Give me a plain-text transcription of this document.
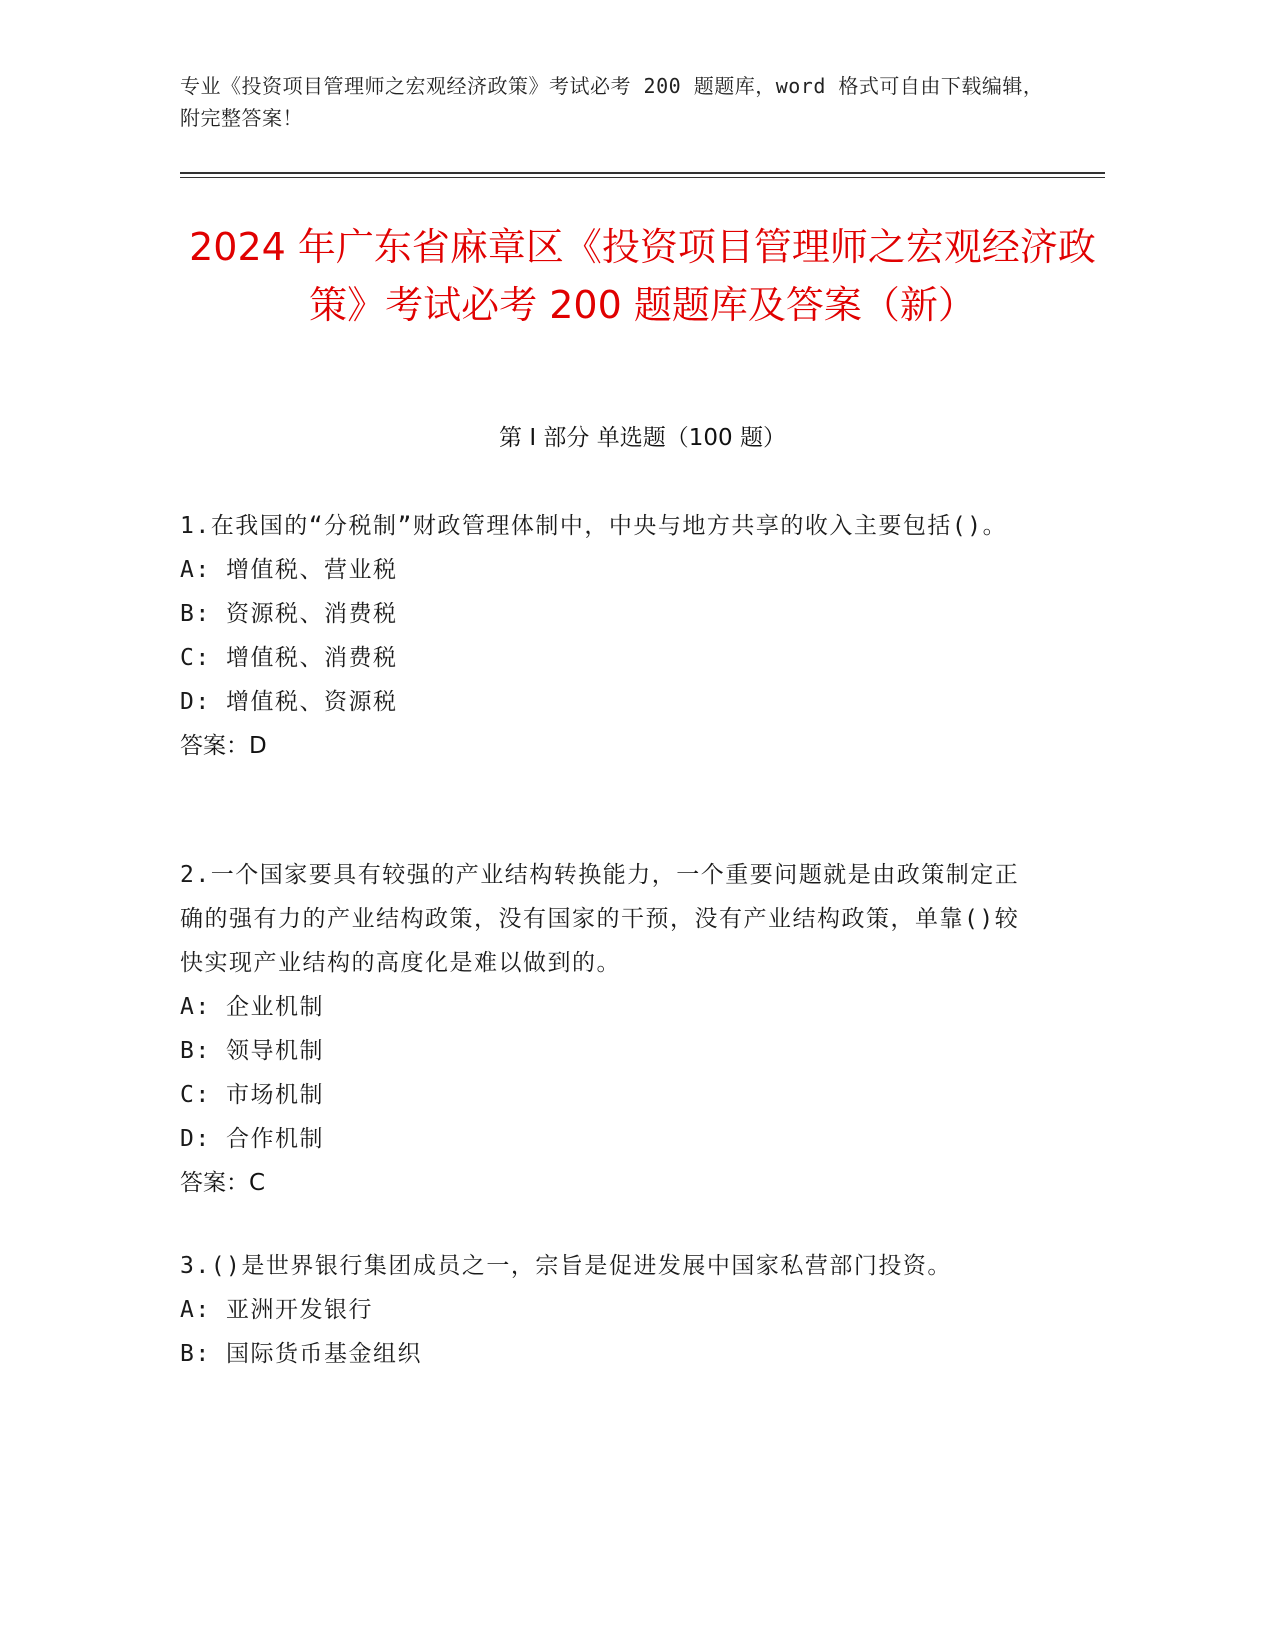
专业《投资项目管理师之宏观经济政策》考试必考 200 题题库，word 格式可自由下载编辑，附完整答案！
2024 年广东省麻章区《投资项目管理师之宏观经济政策》考试必考 200 题题库及答案（新）
第 I 部分 单选题（100 题）

1.在我国的“分税制”财政管理体制中，中央与地方共享的收入主要包括()。

A: 增值税、营业税

B: 资源税、消费税

C: 增值税、消费税

D: 增值税、资源税

答案：D

2.一个国家要具有较强的产业结构转换能力，一个重要问题就是由政策制定正确的强有力的产业结构政策，没有国家的干预，没有产业结构政策，单靠()较快实现产业结构的高度化是难以做到的。

A: 企业机制

B: 领导机制

C: 市场机制

D: 合作机制

答案：C

3.()是世界银行集团成员之一，宗旨是促进发展中国家私营部门投资。

A: 亚洲开发银行

B: 国际货币基金组织
